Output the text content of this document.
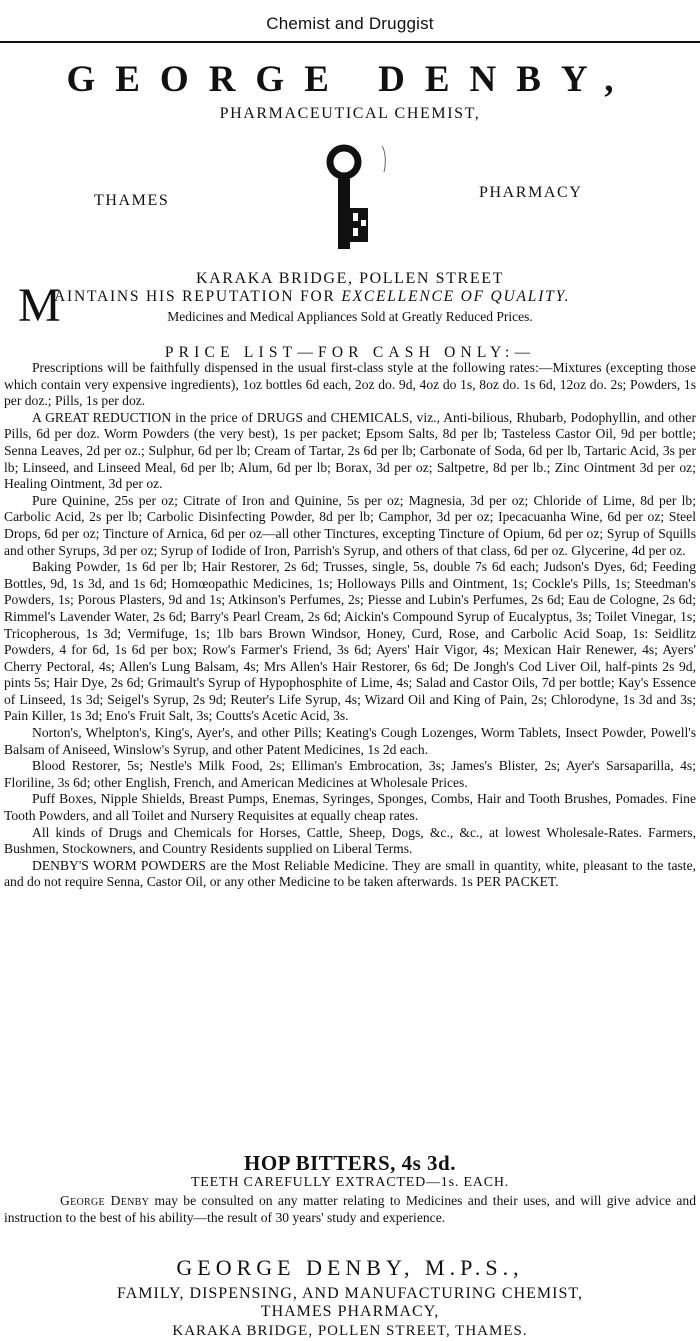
Chemist and Druggist
GEORGE DENBY,
PHARMACEUTICAL CHEMIST,
THAMES	PHARMACY
KARAKA BRIDGE, POLLEN STREET
M
AINTAINS HIS REPUTATION FOR EXCELLENCE OF QUALITY.
Medicines and Medical Appliances Sold at Greatly Reduced Prices.
PRICE LIST—FOR CASH ONLY:—

Prescriptions will be faithfully dispensed in the usual first-class style at the following rates:—Mixtures (excepting those which contain very expensive ingredients), 1oz bottles 6d each, 2oz do. 9d, 4oz do 1s, 8oz do. 1s 6d, 12oz do. 2s; Powders, 1s per doz.; Pills, 1s per doz.

A GREAT REDUCTION in the price of DRUGS and CHEMICALS, viz., Anti-bilious, Rhubarb, Podophyllin, and other Pills, 6d per doz. Worm Powders (the very best), 1s per packet; Epsom Salts, 8d per lb; Tasteless Castor Oil, 9d per bottle; Senna Leaves, 2d per oz.; Sulphur, 6d per lb; Cream of Tartar, 2s 6d per lb; Carbonate of Soda, 6d per lb, Tartaric Acid, 3s per lb; Linseed, and Linseed Meal, 6d per lb; Alum, 6d per lb; Borax, 3d per oz; Saltpetre, 8d per lb.; Zinc Ointment 3d per oz; Healing Ointment, 3d per oz.

Pure Quinine, 25s per oz; Citrate of Iron and Quinine, 5s per oz; Magnesia, 3d per oz; Chloride of Lime, 8d per lb; Carbolic Acid, 2s per lb; Carbolic Disinfecting Powder, 8d per lb; Camphor, 3d per oz; Ipecacuanha Wine, 6d per oz; Steel Drops, 6d per oz; Tincture of Arnica, 6d per oz—all other Tinctures, excepting Tincture of Opium, 6d per oz; Syrup of Squills and other Syrups, 3d per oz; Syrup of Iodide of Iron, Parrish's Syrup, and others of that class, 6d per oz. Glycerine, 4d per oz.

Baking Powder, 1s 6d per lb; Hair Restorer, 2s 6d; Trusses, single, 5s, double 7s 6d each; Judson's Dyes, 6d; Feeding Bottles, 9d, 1s 3d, and 1s 6d; Homœopathic Medicines, 1s; Holloways Pills and Ointment, 1s; Cockle's Pills, 1s; Steedman's Powders, 1s; Porous Plasters, 9d and 1s; Atkinson's Perfumes, 2s; Piesse and Lubin's Perfumes, 2s 6d; Eau de Cologne, 2s 6d; Rimmel's Lavender Water, 2s 6d; Barry's Pearl Cream, 2s 6d; Aickin's Compound Syrup of Eucalyptus, 3s; Toilet Vinegar, 1s; Tricopherous, 1s 3d; Vermifuge, 1s; 1lb bars Brown Windsor, Honey, Curd, Rose, and Carbolic Acid Soap, 1s: Seidlitz Powders, 4 for 6d, 1s 6d per box; Row's Farmer's Friend, 3s 6d; Ayers' Hair Vigor, 4s; Mexican Hair Renewer, 4s; Ayers' Cherry Pectoral, 4s; Allen's Lung Balsam, 4s; Mrs Allen's Hair Restorer, 6s 6d; De Jongh's Cod Liver Oil, half-pints 2s 9d, pints 5s; Hair Dye, 2s 6d; Grimault's Syrup of Hypophosphite of Lime, 4s; Salad and Castor Oils, 7d per bottle; Kay's Essence of Linseed, 1s 3d; Seigel's Syrup, 2s 9d; Reuter's Life Syrup, 4s; Wizard Oil and King of Pain, 2s; Chlorodyne, 1s 3d and 3s; Pain Killer, 1s 3d; Eno's Fruit Salt, 3s; Coutts's Acetic Acid, 3s.

Norton's, Whelpton's, King's, Ayer's, and other Pills; Keating's Cough Lozenges, Worm Tablets, Insect Powder, Powell's Balsam of Aniseed, Winslow's Syrup, and other Patent Medicines, 1s 2d each.

Blood Restorer, 5s; Nestle's Milk Food, 2s; Elliman's Embrocation, 3s; James's Blister, 2s; Ayer's Sarsaparilla, 4s; Floriline, 3s 6d; other English, French, and American Medicines at Wholesale Prices.

Puff Boxes, Nipple Shields, Breast Pumps, Enemas, Syringes, Sponges, Combs, Hair and Tooth Brushes, Pomades. Fine Tooth Powders, and all Toilet and Nursery Requisites at equally cheap rates.

All kinds of Drugs and Chemicals for Horses, Cattle, Sheep, Dogs, &c., &c., at lowest Wholesale-Rates. Farmers, Bushmen, Stockowners, and Country Residents supplied on Liberal Terms.

DENBY'S WORM POWDERS are the Most Reliable Medicine. They are small in quantity, white, pleasant to the taste, and do not require Senna, Castor Oil, or any other Medicine to be taken afterwards. 1s PER PACKET.

HOP BITTERS, 4s 3d.
TEETH CAREFULLY EXTRACTED—1s. EACH.

George Denby may be consulted on any matter relating to Medicines and their uses, and will give advice and instruction to the best of his ability—the result of 30 years' study and experience.

GEORGE DENBY, M.P.S.,
FAMILY, DISPENSING, AND MANUFACTURING CHEMIST,
THAMES PHARMACY,
KARAKA BRIDGE, POLLEN STREET, THAMES.
